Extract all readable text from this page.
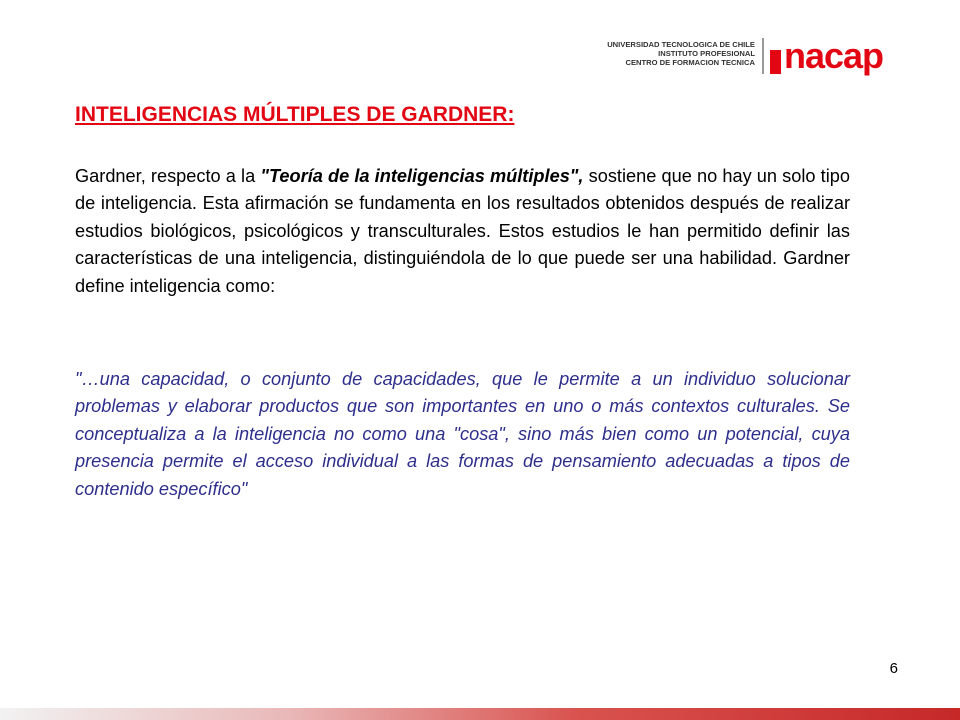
UNIVERSIDAD TECNOLOGICA DE CHILE
INSTITUTO PROFESIONAL
CENTRO DE FORMACION TECNICA nacap
INTELIGENCIAS MÚLTIPLES DE GARDNER:

Gardner, respecto a la "Teoría de la inteligencias múltiples", sostiene que no hay un solo tipo de inteligencia. Esta afirmación se fundamenta en los resultados obtenidos después de realizar estudios biológicos, psicológicos y transculturales. Estos estudios le han permitido definir las características de una inteligencia, distinguiéndola de lo que puede ser una habilidad. Gardner define inteligencia como:

"…una capacidad, o conjunto de capacidades, que le permite a un individuo solucionar problemas y elaborar productos que son importantes en uno o más contextos culturales. Se conceptualiza a la inteligencia no como una "cosa", sino más bien como un potencial, cuya presencia permite el acceso individual a las formas de pensamiento adecuadas a tipos de contenido específico"

6
